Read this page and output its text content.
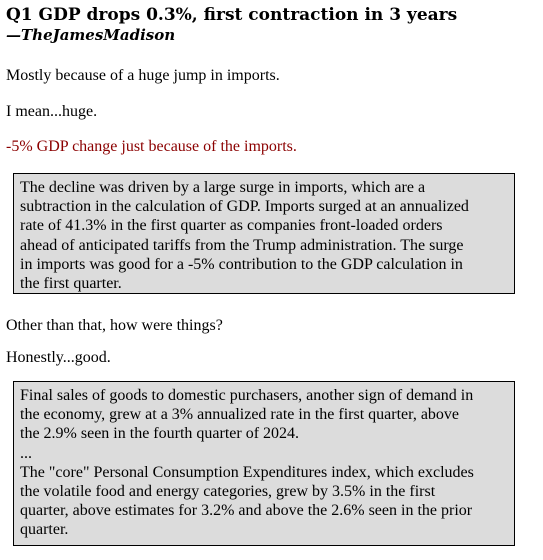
Q1 GDP drops 0.3%, first contraction in 3 years
—TheJamesMadison

Mostly because of a huge jump in imports.

I mean...huge.

-5% GDP change just because of the imports.

The decline was driven by a large surge in imports, which are a
subtraction in the calculation of GDP. Imports surged at an annualized
rate of 41.3% in the first quarter as companies front-loaded orders
ahead of anticipated tariffs from the Trump administration. The surge
in imports was good for a -5% contribution to the GDP calculation in
the first quarter.

Other than that, how were things?

Honestly...good.

Final sales of goods to domestic purchasers, another sign of demand in
the economy, grew at a 3% annualized rate in the first quarter, above
the 2.9% seen in the fourth quarter of 2024.
...
The "core" Personal Consumption Expenditures index, which excludes
the volatile food and energy categories, grew by 3.5% in the first
quarter, above estimates for 3.2% and above the 2.6% seen in the prior
quarter.
